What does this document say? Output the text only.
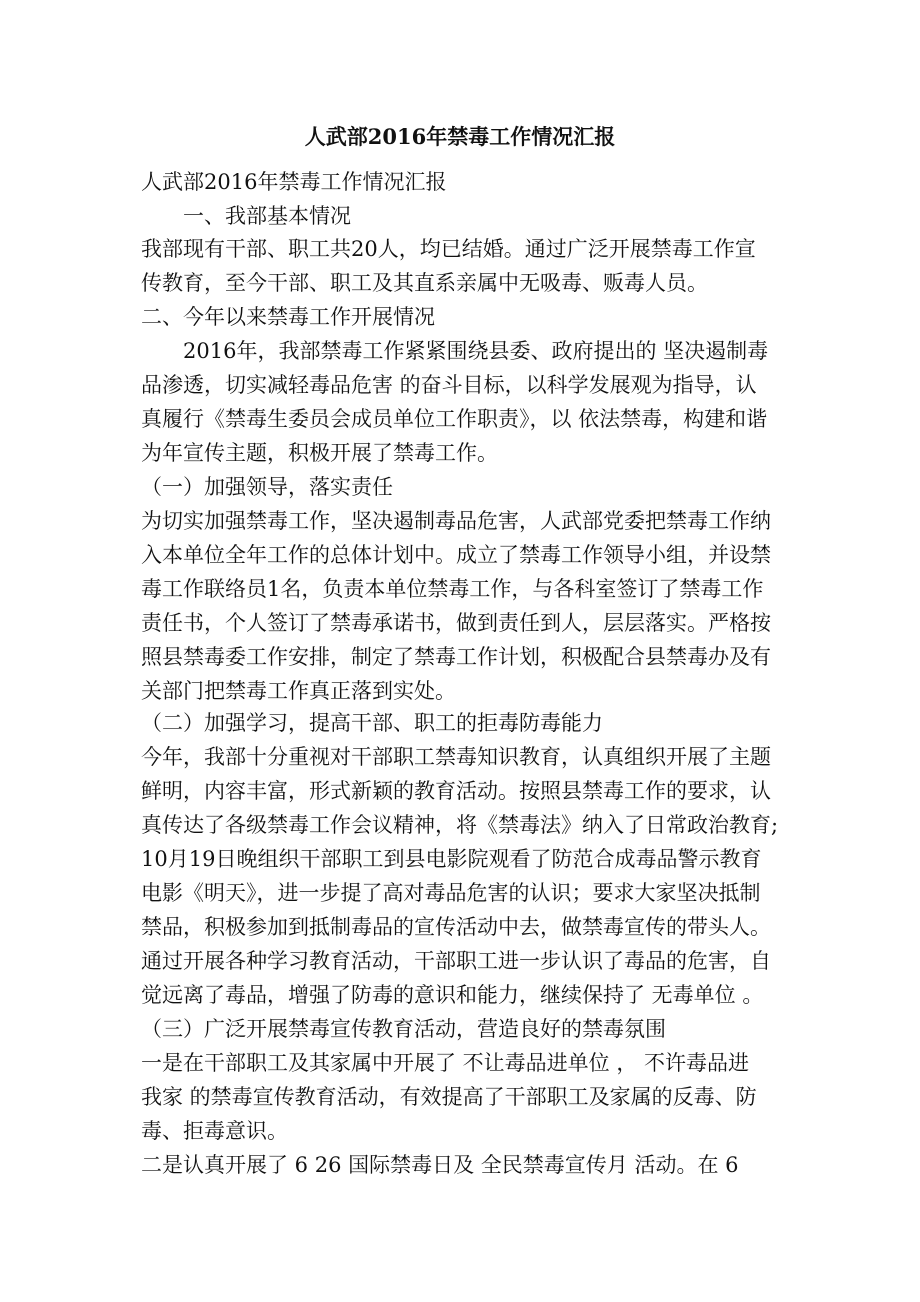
人武部2016年禁毒工作情况汇报
人武部2016年禁毒工作情况汇报
一、我部基本情况
我部现有干部、职工共20人，均已结婚。通过广泛开展禁毒工作宣
传教育，至今干部、职工及其直系亲属中无吸毒、贩毒人员。
二、今年以来禁毒工作开展情况
2016年，我部禁毒工作紧紧围绕县委、政府提出的 坚决遏制毒
品渗透，切实减轻毒品危害 的奋斗目标，以科学发展观为指导，认
真履行《禁毒生委员会成员单位工作职责》，以 依法禁毒，构建和谐
为年宣传主题，积极开展了禁毒工作。
（一）加强领导，落实责任
为切实加强禁毒工作，坚决遏制毒品危害，人武部党委把禁毒工作纳
入本单位全年工作的总体计划中。成立了禁毒工作领导小组，并设禁
毒工作联络员1名，负责本单位禁毒工作，与各科室签订了禁毒工作
责任书，个人签订了禁毒承诺书，做到责任到人，层层落实。严格按
照县禁毒委工作安排，制定了禁毒工作计划，积极配合县禁毒办及有
关部门把禁毒工作真正落到实处。
（二）加强学习，提高干部、职工的拒毒防毒能力
今年，我部十分重视对干部职工禁毒知识教育，认真组织开展了主题
鲜明，内容丰富，形式新颖的教育活动。按照县禁毒工作的要求，认
真传达了各级禁毒工作会议精神，将《禁毒法》纳入了日常政治教育;
10月19日晚组织干部职工到县电影院观看了防范合成毒品警示教育
电影《明天》，进一步提了高对毒品危害的认识；要求大家坚决抵制
禁品，积极参加到抵制毒品的宣传活动中去，做禁毒宣传的带头人。
通过开展各种学习教育活动，干部职工进一步认识了毒品的危害，自
觉远离了毒品，增强了防毒的意识和能力，继续保持了 无毒单位 。
（三）广泛开展禁毒宣传教育活动，营造良好的禁毒氛围
一是在干部职工及其家属中开展了 不让毒品进单位 ， 不许毒品进
我家 的禁毒宣传教育活动，有效提高了干部职工及家属的反毒、防
毒、拒毒意识。
二是认真开展了 6 26 国际禁毒日及 全民禁毒宣传月 活动。在 6
